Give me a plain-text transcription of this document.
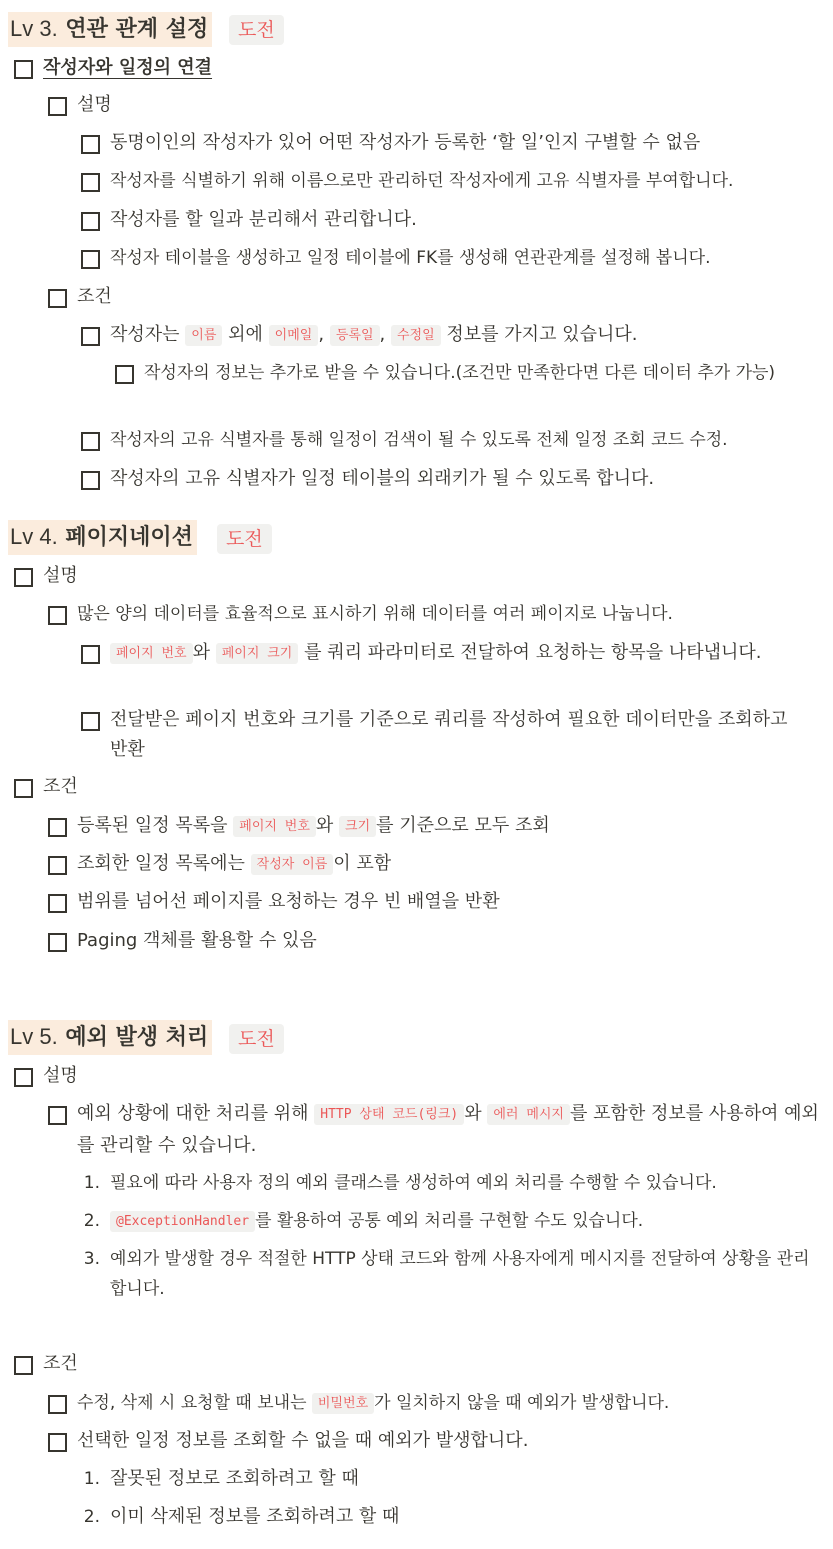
Lv 3. 연관 관계 설정	도전
작성자와 일정의 연결
설명
동명이인의 작성자가 있어 어떤 작성자가 등록한 ‘할 일’인지 구별할 수 없음
작성자를 식별하기 위해 이름으로만 관리하던 작성자에게 고유 식별자를 부여합니다.
작성자를 할 일과 분리해서 관리합니다.
작성자 테이블을 생성하고 일정 테이블에 FK를 생성해 연관관계를 설정해 봅니다.
조건
작성자는 이름 외에 이메일 , 등록일 , 수정일 정보를 가지고 있습니다.
작성자의 정보는 추가로 받을 수 있습니다.(조건만 만족한다면 다른 데이터 추가 가능)
작성자의 고유 식별자를 통해 일정이 검색이 될 수 있도록 전체 일정 조회 코드 수정.
작성자의 고유 식별자가 일정 테이블의 외래키가 될 수 있도록 합니다.
Lv 4. 페이지네이션	도전
설명
많은 양의 데이터를 효율적으로 표시하기 위해 데이터를 여러 페이지로 나눕니다.
페이지 번호 와 페이지 크기 를 쿼리 파라미터로 전달하여 요청하는 항목을 나타냅니다.
전달받은 페이지 번호와 크기를 기준으로 쿼리를 작성하여 필요한 데이터만을 조회하고 반환
조건
등록된 일정 목록을 페이지 번호 와 크기 를 기준으로 모두 조회
조회한 일정 목록에는 작성자 이름 이 포함
범위를 넘어선 페이지를 요청하는 경우 빈 배열을 반환
Paging 객체를 활용할 수 있음
Lv 5. 예외 발생 처리	도전
설명
예외 상황에 대한 처리를 위해 HTTP 상태 코드(링크) 와 에러 메시지 를 포함한 정보를 사용하여 예외를 관리할 수 있습니다.
1. 필요에 따라 사용자 정의 예외 클래스를 생성하여 예외 처리를 수행할 수 있습니다.
2.	@ExceptionHandler 를 활용하여 공통 예외 처리를 구현할 수도 있습니다.
3. 예외가 발생할 경우 적절한 HTTP 상태 코드와 함께 사용자에게 메시지를 전달하여 상황을 관리합니다.
조건
수정, 삭제 시 요청할 때 보내는 비밀번호 가 일치하지 않을 때 예외가 발생합니다.
선택한 일정 정보를 조회할 수 없을 때 예외가 발생합니다.
1. 잘못된 정보로 조회하려고 할 때
2. 이미 삭제된 정보를 조회하려고 할 때
